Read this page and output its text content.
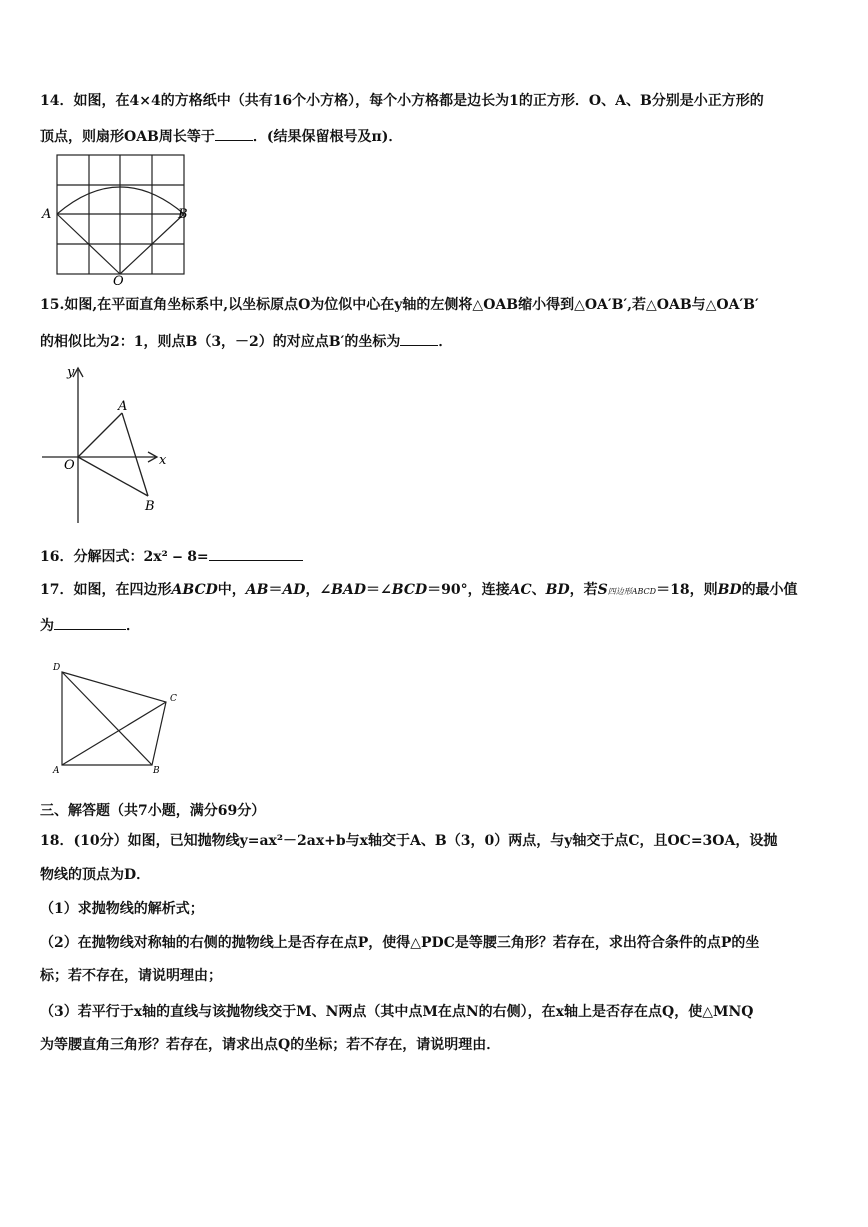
14．如图，在4×4的方格纸中（共有16个小方格），每个小方格都是边长为1的正方形．O、A、B分别是小正方形的
顶点，则扇形OAB周长等于	．(结果保留根号及π)．
A	B
O
15.如图,在平面直角坐标系中,以坐标原点O为位似中心在y轴的左侧将△OAB缩小得到△OA′B′,若△OAB与△OA′B′
的相似比为2：1，则点B（3，－2）的对应点B′的坐标为	．
y
x
O
A
B
16．分解因式：2x² ‒ 8=
17．如图，在四边形ABCD中，AB＝AD，∠BAD＝∠BCD＝90°，连接AC、BD，若S四边形ABCD＝18，则BD的最小值
为	．
D
C
A	B
三、解答题（共7小题，满分69分）
18．(10分）如图，已知抛物线y=ax²－2ax+b与x轴交于A、B（3，0）两点，与y轴交于点C，且OC=3OA，设抛
物线的顶点为D．
（1）求抛物线的解析式；
（2）在抛物线对称轴的右侧的抛物线上是否存在点P，使得△PDC是等腰三角形？若存在，求出符合条件的点P的坐
标；若不存在，请说明理由；
（3）若平行于x轴的直线与该抛物线交于M、N两点（其中点M在点N的右侧），在x轴上是否存在点Q，使△MNQ
为等腰直角三角形？若存在，请求出点Q的坐标；若不存在，请说明理由．
